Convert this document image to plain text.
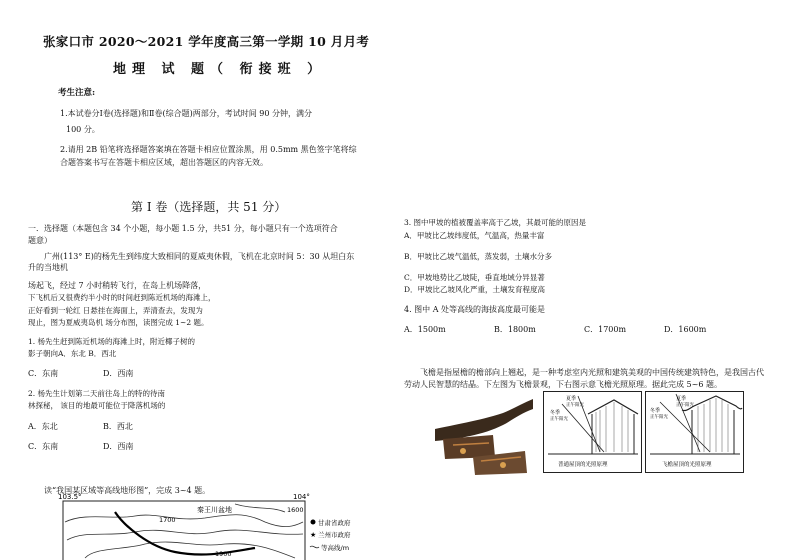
张家口市 2020～2021 学年度高三第一学期 10 月月考
地理 试 题（ 衔接班 ）
考生注意:
1.本试卷分Ⅰ卷(选择题)和Ⅱ卷(综合题)两部分，考试时间 90 分钟，满分
100 分。
2.请用 2B 铅笔将选择题答案填在答题卡相应位置涂黑，用 0.5mm 黑色签字笔将综
合题答案书写在答题卡相应区域，超出答题区的内容无效。
第 Ⅰ 卷（选择题，共 51 分）
一．选择题（本题包含 34 个小题，每小题 1.5 分，共51 分，每小题只有一个选项符合
题意）
广州(113° E)的杨先生到纬度大致相同的夏威夷休假，飞机在北京时间 5：30 从坦白东
升的当地机
场起飞，经过 7 小时稍转飞行，在岛上机场降落，
下飞机后又很费约半小时的时间赶到陈近机场的海滩上，
正好看到一轮红 日悬挂在海面上，弄清查去，发现为
现止，图为夏威夷岛机 场分布图，读图完成 1~2 题。
1. 杨先生赶到陈近机场的海滩上时，附近椰子树的
影子朝向A．东北 B．西北
C．东南	D．西南
2. 杨先生计划第二天前往岛上的特的待南
林探秘， 该目的地最可能位于降落机场的
A．东北	B．西北
C．东南	D．西南
读“我国某区域等高线地形图”，完成 3~4 题。
103.5°	104°
1700
1600
1900
秦王川盆地
甘肃省政府
★ 兰州市政府
等高线/m
3. 图中甲坡的植被覆盖率高于乙坡，其最可能的原因是
A．甲坡比乙坡纬度低，气温高，热量丰富
B．甲坡比乙坡气温低，蒸发弱，土壤水分多
C．甲坡地势比乙坡陡，垂直地域分异显著
D．甲坡比乙坡风化严重，土壤发育程度高
4. 图中 A 处等高线的海拔高度最可能是
A．1500m	B．1800m	C．1700m	D．1600m
飞檐是指屋檐的檐部向上翘起，是一种考虑室内光照和建筑美观的中国传统建筑特色，是我国古代
劳动人民智慧的结晶。下左图为飞檐景观，下右图示意飞檐光照原理。据此完成 5~6 题。
夏季
正午阳光
冬季
正午阳光
普通屋顶的光照原理
夏季
正午阳光
冬季
正午阳光
飞檐屋顶的光照原理
